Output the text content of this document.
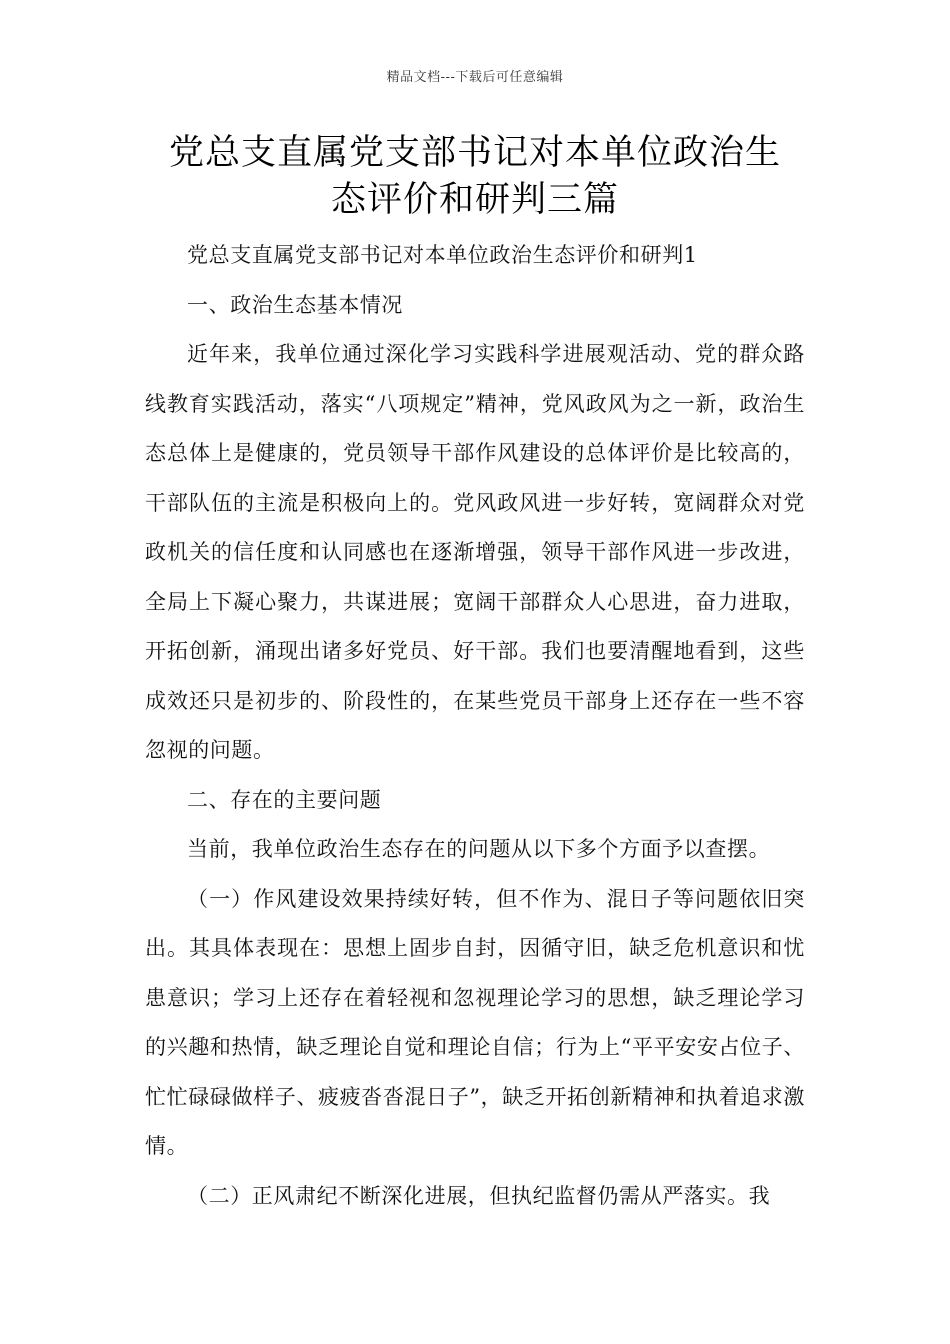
精品文档---下载后可任意编辑
党总支直属党支部书记对本单位政治生
态评价和研判三篇

党总支直属党支部书记对本单位政治生态评价和研判1

一、政治生态基本情况

近年来，我单位通过深化学习实践科学进展观活动、党的群众路线教育实践活动，落实“八项规定”精神，党风政风为之一新，政治生态总体上是健康的，党员领导干部作风建设的总体评价是比较高的，干部队伍的主流是积极向上的。党风政风进一步好转，宽阔群众对党政机关的信任度和认同感也在逐渐增强，领导干部作风进一步改进，全局上下凝心聚力，共谋进展；宽阔干部群众人心思进，奋力进取，开拓创新，涌现出诸多好党员、好干部。我们也要清醒地看到，这些成效还只是初步的、阶段性的，在某些党员干部身上还存在一些不容忽视的问题。

二、存在的主要问题

当前，我单位政治生态存在的问题从以下多个方面予以查摆。

（一）作风建设效果持续好转，但不作为、混日子等问题依旧突出。其具体表现在：思想上固步自封，因循守旧，缺乏危机意识和忧患意识；学习上还存在着轻视和忽视理论学习的思想，缺乏理论学习的兴趣和热情，缺乏理论自觉和理论自信；行为上“平平安安占位子、忙忙碌碌做样子、疲疲沓沓混日子”，缺乏开拓创新精神和执着追求激情。

（二）正风肃纪不断深化进展，但执纪监督仍需从严落实。我
